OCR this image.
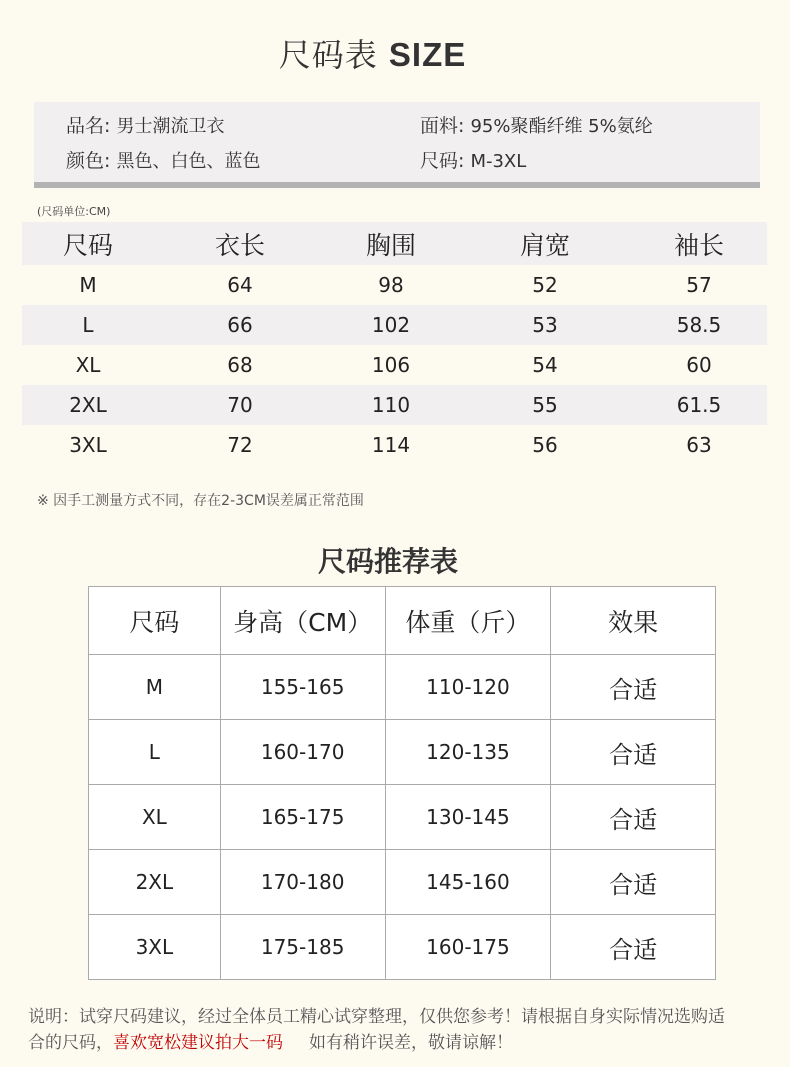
尺码表 SIZE
品名: 男士潮流卫衣	面料: 95%聚酯纤维 5%氨纶
颜色: 黑色、白色、蓝色	尺码: M-3XL
(尺码单位:CM)
尺码	衣长	胸围	肩宽	袖长
M	64	98	52	57
L	66	102	53	58.5
XL	68	106	54	60
2XL	70	110	55	61.5
3XL	72	114	56	63
※ 因手工测量方式不同，存在2-3CM误差属正常范围
尺码推荐表
尺码	身高（CM）	体重（斤）	效果
M	155-165	110-120	合适
L	160-170	120-135	合适
XL	165-175	130-145	合适
2XL	170-180	145-160	合适
3XL	175-185	160-175	合适
说明：试穿尺码建议，经过全体员工精心试穿整理，仅供您参考！请根据自身实际情况选购适
合的尺码，喜欢宽松建议拍大一码 如有稍许误差，敬请谅解！
